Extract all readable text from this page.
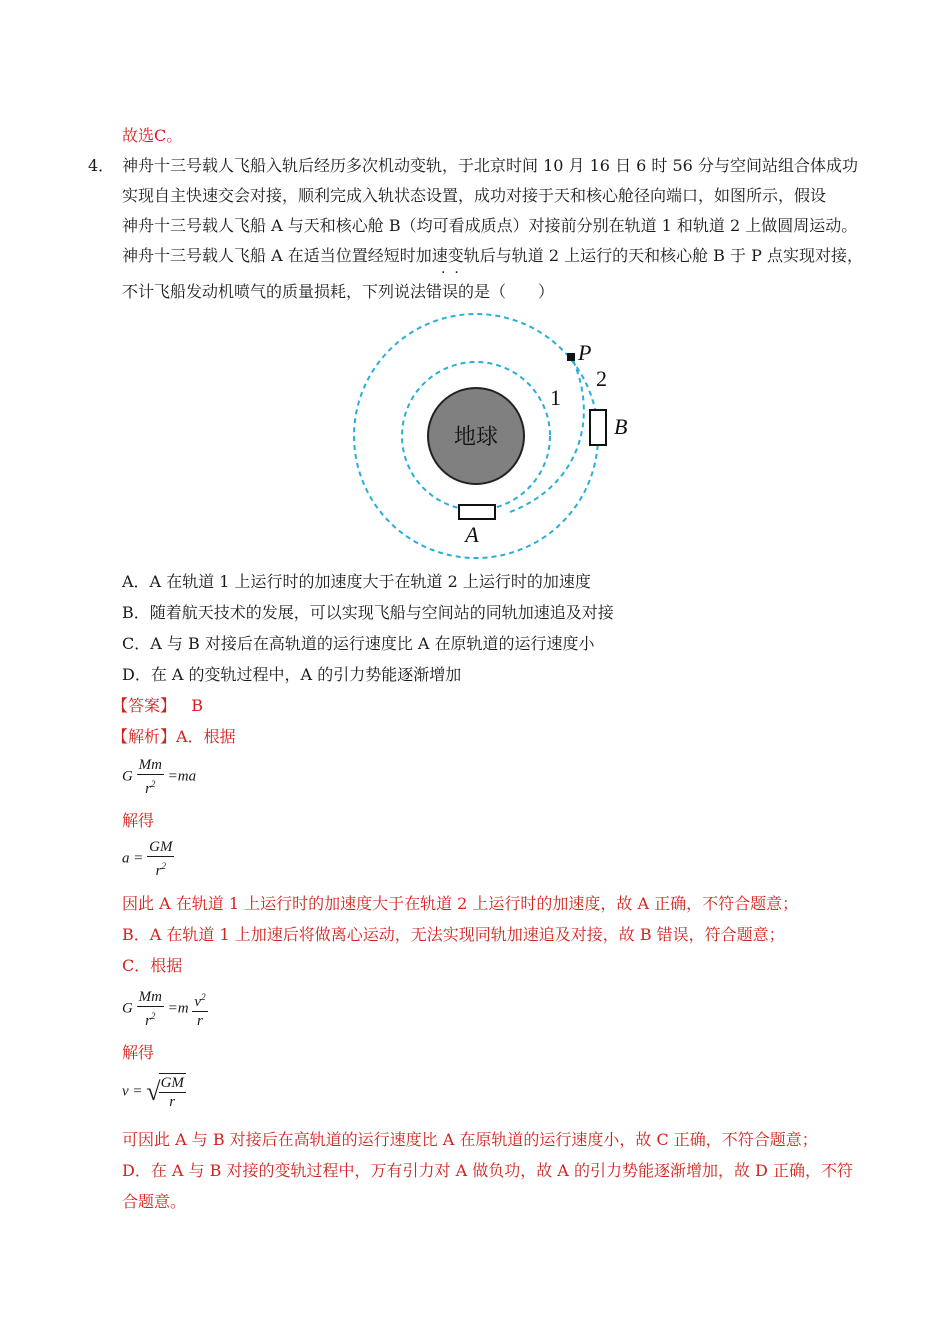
故选C。
4． 神舟十三号载人飞船入轨后经历多次机动变轨，于北京时间 10 月 16 日 6 时 56 分与空间站组合体成功
实现自主快速交会对接，顺利完成入轨状态设置，成功对接于天和核心舱径向端口，如图所示，假设
神舟十三号载人飞船 A 与天和核心舱 B（均可看成质点）对接前分别在轨道 1 和轨道 2 上做圆周运动。
神舟十三号载人飞船 A 在适当位置经短时加速变轨后与轨道 2 上运行的天和核心舱 B 于 P 点实现对接，
·  ·
不计飞船发动机喷气的质量损耗，下列说法错误的是（　　）
地球
A
B
P
1
2
A．A 在轨道 1 上运行时的加速度大于在轨道 2 上运行时的加速度
B．随着航天技术的发展，可以实现飞船与空间站的同轨加速追及对接
C．A 与 B 对接后在高轨道的运行速度比 A 在原轨道的运行速度小
D．在 A 的变轨过程中，A 的引力势能逐渐增加
【答案】 B
【解析】A．根据
G $\frac{Mm}{r^2} =ma$
解得
$a = \frac{GM}{r^2}$
因此 A 在轨道 1 上运行时的加速度大于在轨道 2 上运行时的加速度，故 A 正确，不符合题意；
B．A 在轨道 1 上加速后将做离心运动，无法实现同轨加速追及对接，故 B 错误，符合题意；
C．根据
G $\frac{Mm}{r^2} =m \frac{v^2}{r}$
解得
v = √
$\frac{GM}{r}$
可因此 A 与 B 对接后在高轨道的运行速度比 A 在原轨道的运行速度小，故 C 正确，不符合题意；
D．在 A 与 B 对接的变轨过程中，万有引力对 A 做负功，故 A 的引力势能逐渐增加，故 D 正确，不符
合题意。
